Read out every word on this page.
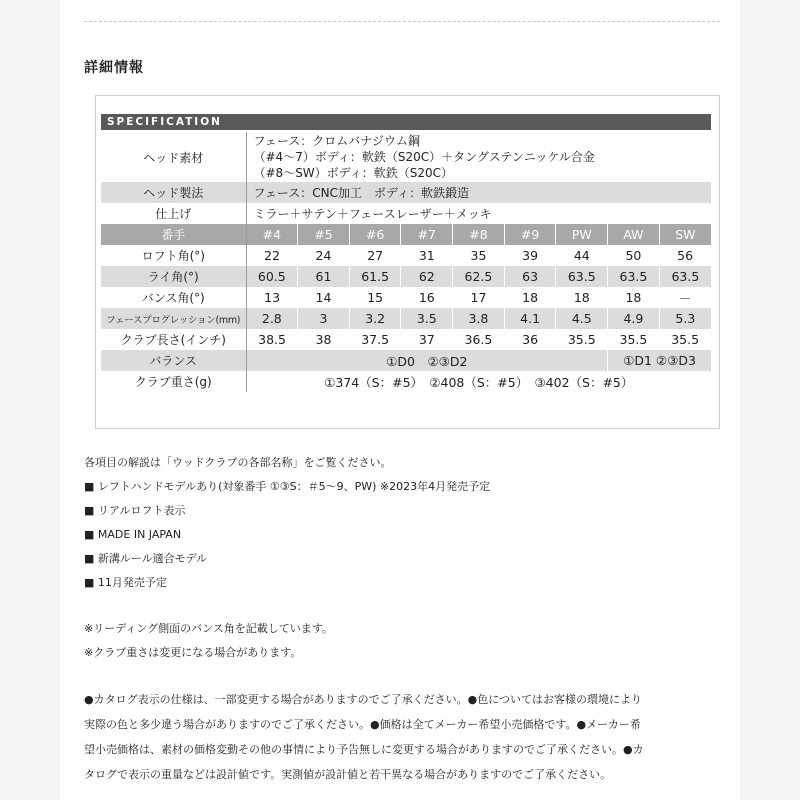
詳細情報
SPECIFICATION
ヘッド素材	フェース：クロムバナジウム鋼
（#4〜7）ボディ：軟鉄（S20C）＋タングステンニッケル合金
（#8〜SW）ボディ：軟鉄（S20C）								

ヘッド製法	フェース：CNC加工　ボディ：軟鉄鍛造								
仕上げ	ミラー＋サテン＋フェースレーザー＋メッキ								
番手	#4	#5	#6	#7	#8	#9	PW	AW	SW
ロフト角(°)	22	24	27	31	35	39	44	50	56
ライ角(°)	60.5	61	61.5	62	62.5	63	63.5	63.5	63.5
バンス角(°)	13	14	15	16	17	18	18	18	－
フェースプログレッション(mm)	2.8	3	3.2	3.5	3.8	4.1	4.5	4.9	5.3
クラブ長さ(インチ)	38.5	38	37.5	37	36.5	36	35.5	35.5	35.5
バランス	①D0　②③D2							①D1 ②③D3	
クラブ重さ(g)	①374（S：#5）　②408（S：#5）　③402（S：#5）								

各項目の解説は「ウッドクラブの各部名称」をご覧ください。

■ レフトハンドモデルあり(対象番手 ①③S：＃5〜9、PW) ※2023年4月発売予定

■ リアルロフト表示

■ MADE IN JAPAN

■ 新溝ルール適合モデル

■ 11月発売予定

※リーディング側面のバンス角を記載しています。

※クラブ重さは変更になる場合があります。

●カタログ表示の仕様は、一部変更する場合がありますのでご了承ください。●色についてはお客様の環境により

実際の色と多少違う場合がありますのでご了承ください。●価格は全てメーカー希望小売価格です。●メーカー希

望小売価格は、素材の価格変動その他の事情により予告無しに変更する場合がありますのでご了承ください。●カ

タログで表示の重量などは設計値です。実測値が設計値と若干異なる場合がありますのでご了承ください。
